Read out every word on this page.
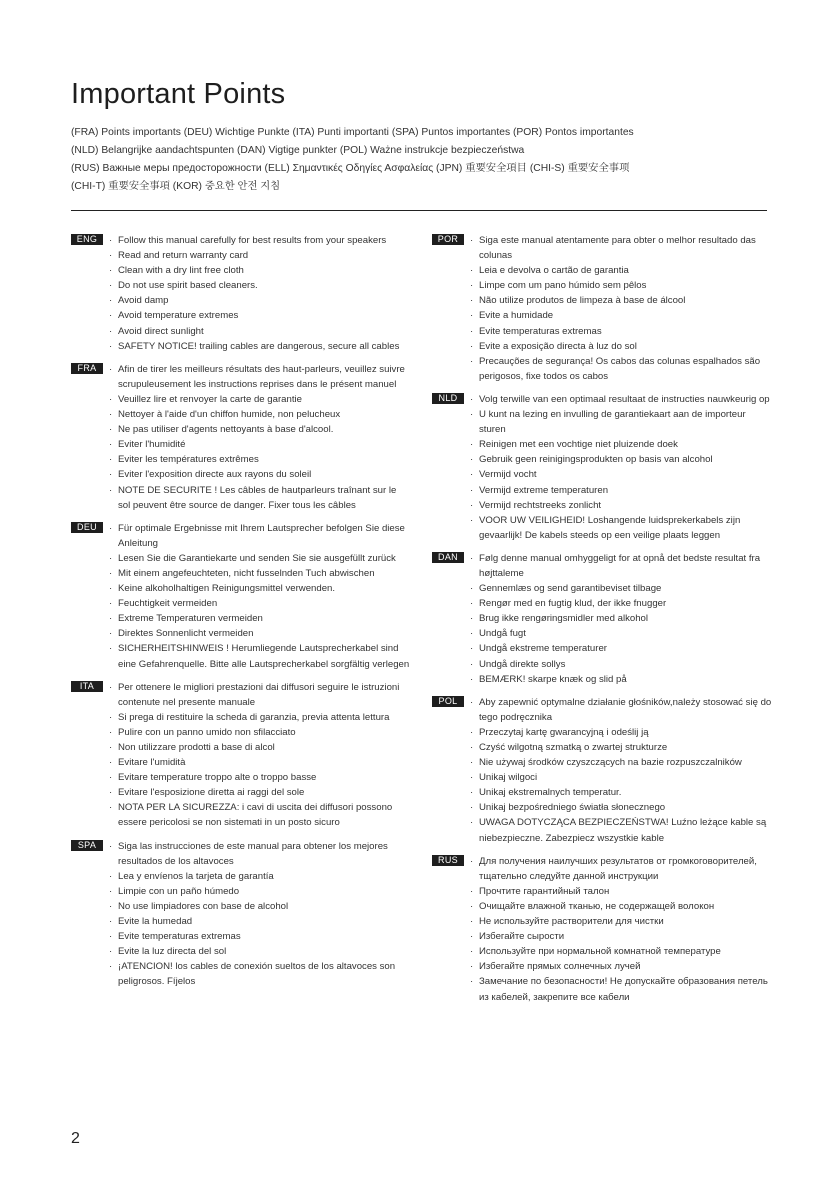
Important Points
(FRA) Points importants (DEU) Wichtige Punkte (ITA) Punti importanti (SPA) Puntos importantes (POR) Pontos importantes
(NLD) Belangrijke aandachtspunten (DAN) Vigtige punkter (POL) Ważne instrukcje bezpieczeństwa
(RUS) Важные меры предосторожности (ELL) Σημαντικές Οδηγίες Ασφαλείας (JPN) 重要安全項目 (CHI-S) 重要安全事项
(CHI-T) 重要安全事項 (KOR) 중요한 안전 지침
ENG	· Follow this manual carefully for best results from your speakers
· Read and return warranty card
· Clean with a dry lint free cloth
· Do not use spirit based cleaners.
· Avoid damp
· Avoid temperature extremes
· Avoid direct sunlight
· SAFETY NOTICE! trailing cables are dangerous, secure all cables
FRA	· Afin de tirer les meilleurs résultats des haut-parleurs, veuillez suivre scrupuleusement les instructions reprises dans le présent manuel
· Veuillez lire et renvoyer la carte de garantie
· Nettoyer à l'aide d'un chiffon humide, non pelucheux
· Ne pas utiliser d'agents nettoyants à base d'alcool.
· Eviter l'humidité
· Eviter les températures extrêmes
· Eviter l'exposition directe aux rayons du soleil
· NOTE DE SECURITE ! Les câbles de hautparleurs traînant sur le sol peuvent être source de danger. Fixer tous les câbles
DEU	· Für optimale Ergebnisse mit Ihrem Lautsprecher befolgen Sie diese Anleitung
· Lesen Sie die Garantiekarte und senden Sie sie ausgefüllt zurück
· Mit einem angefeuchteten, nicht fusselnden Tuch abwischen
· Keine alkoholhaltigen Reinigungsmittel verwenden.
· Feuchtigkeit vermeiden
· Extreme Temperaturen vermeiden
· Direktes Sonnenlicht vermeiden
· SICHERHEITSHINWEIS ! Herumliegende Lautsprecherkabel sind eine Gefahrenquelle. Bitte alle Lautsprecherkabel sorgfältig verlegen
ITA	· Per ottenere le migliori prestazioni dai diffusori seguire le istruzioni contenute nel presente manuale
· Si prega di restituire la scheda di garanzia, previa attenta lettura
· Pulire con un panno umido non sfilacciato
· Non utilizzare prodotti a base di alcol
· Evitare l'umidità
· Evitare temperature troppo alte o troppo basse
· Evitare l'esposizione diretta ai raggi del sole
· NOTA PER LA SICUREZZA: i cavi di uscita dei diffusori possono essere pericolosi se non sistemati in un posto sicuro
SPA	· Siga las instrucciones de este manual para obtener los mejores resultados de los altavoces
· Lea y envíenos la tarjeta de garantía
· Limpie con un paño húmedo
· No use limpiadores con base de alcohol
· Evite la humedad
· Evite temperaturas extremas
· Evite la luz directa del sol
· ¡ATENCION! los cables de conexión sueltos de los altavoces son peligrosos. Fíjelos
POR	· Siga este manual atentamente para obter o melhor resultado das colunas
· Leia e devolva o cartão de garantia
· Limpe com um pano húmido sem pêlos
· Não utilize produtos de limpeza à base de álcool
· Evite a humidade
· Evite temperaturas extremas
· Evite a exposição directa à luz do sol
· Precauções de segurança! Os cabos das colunas espalhados são perigosos, fixe todos os cabos
NLD	· Volg terwille van een optimaal resultaat de instructies nauwkeurig op
· U kunt na lezing en invulling de garantiekaart aan de importeur sturen
· Reinigen met een vochtige niet pluizende doek
· Gebruik geen reinigingsprodukten op basis van alcohol
· Vermijd vocht
· Vermijd extreme temperaturen
· Vermijd rechtstreeks zonlicht
· VOOR UW VEILIGHEID! Loshangende luidsprekerkabels zijn gevaarlijk! De kabels steeds op een veilige plaats leggen
DAN	· Følg denne manual omhyggeligt for at opnå det bedste resultat fra højttaleme
· Gennemlæs og send garantibeviset tilbage
· Rengør med en fugtig klud, der ikke fnugger
· Brug ikke rengøringsmidler med alkohol
· Undgå fugt
· Undgå ekstreme temperaturer
· Undgå direkte sollys
· BEMÆRK! skarpe knæk og slid på
POL	· Aby zapewnić optymalne działanie głośników,należy stosować się do tego podręcznika
· Przeczytaj kartę gwarancyjną i odeślij ją
· Czyść wilgotną szmatką o zwartej strukturze
· Nie używaj środków czyszczących na bazie rozpuszczalników
· Unikaj wilgoci
· Unikaj ekstremalnych temperatur.
· Unikaj bezpośredniego światła słonecznego
· UWAGA DOTYCZĄCA BEZPIECZEŃSTWA! Luźno leżące kable są niebezpieczne. Zabezpiecz wszystkie kable
RUS	· Для получения наилучших результатов от громкоговорителей, тщательно следуйте данной инструкции
· Прочтите гарантийный талон
· Очищайте влажной тканью, не содержащей волокон
· Не используйте растворители для чистки
· Избегайте сырости
· Используйте при нормальной комнатной температуре
· Избегайте прямых солнечных лучей
· Замечание по безопасности! Не допускайте образования петель из кабелей, закрепите все кабели
2
